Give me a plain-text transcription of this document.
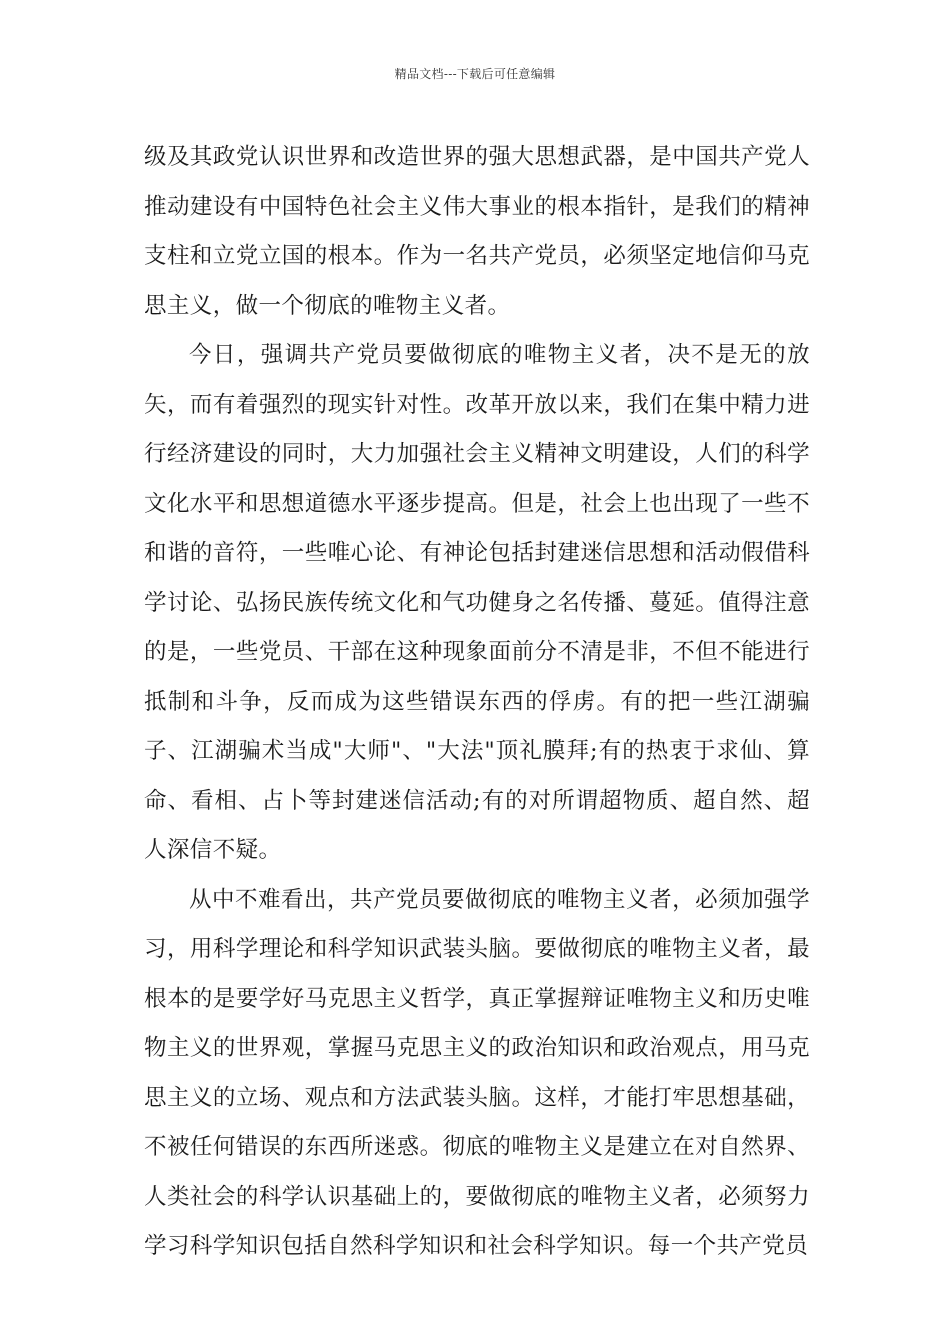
精品文档---下载后可任意编辑

级及其政党认识世界和改造世界的强大思想武器，是中国共产党人推动建设有中国特色社会主义伟大事业的根本指针，是我们的精神支柱和立党立国的根本。作为一名共产党员，必须坚定地信仰马克思主义，做一个彻底的唯物主义者。

今日，强调共产党员要做彻底的唯物主义者，决不是无的放矢，而有着强烈的现实针对性。改革开放以来，我们在集中精力进行经济建设的同时，大力加强社会主义精神文明建设，人们的科学文化水平和思想道德水平逐步提高。但是，社会上也出现了一些不和谐的音符，一些唯心论、有神论包括封建迷信思想和活动假借科学讨论、弘扬民族传统文化和气功健身之名传播、蔓延。值得注意的是，一些党员、干部在这种现象面前分不清是非，不但不能进行抵制和斗争，反而成为这些错误东西的俘虏。有的把一些江湖骗子、江湖骗术当成"大师"、"大法"顶礼膜拜;有的热衷于求仙、算命、看相、占卜等封建迷信活动;有的对所谓超物质、超自然、超人深信不疑。

从中不难看出，共产党员要做彻底的唯物主义者，必须加强学习，用科学理论和科学知识武装头脑。要做彻底的唯物主义者，最根本的是要学好马克思主义哲学，真正掌握辩证唯物主义和历史唯物主义的世界观，掌握马克思主义的政治知识和政治观点，用马克思主义的立场、观点和方法武装头脑。这样，才能打牢思想基础，不被任何错误的东西所迷惑。彻底的唯物主义是建立在对自然界、人类社会的科学认识基础上的，要做彻底的唯物主义者，必须努力学习科学知识包括自然科学知识和社会科学知识。每一个共产党员
